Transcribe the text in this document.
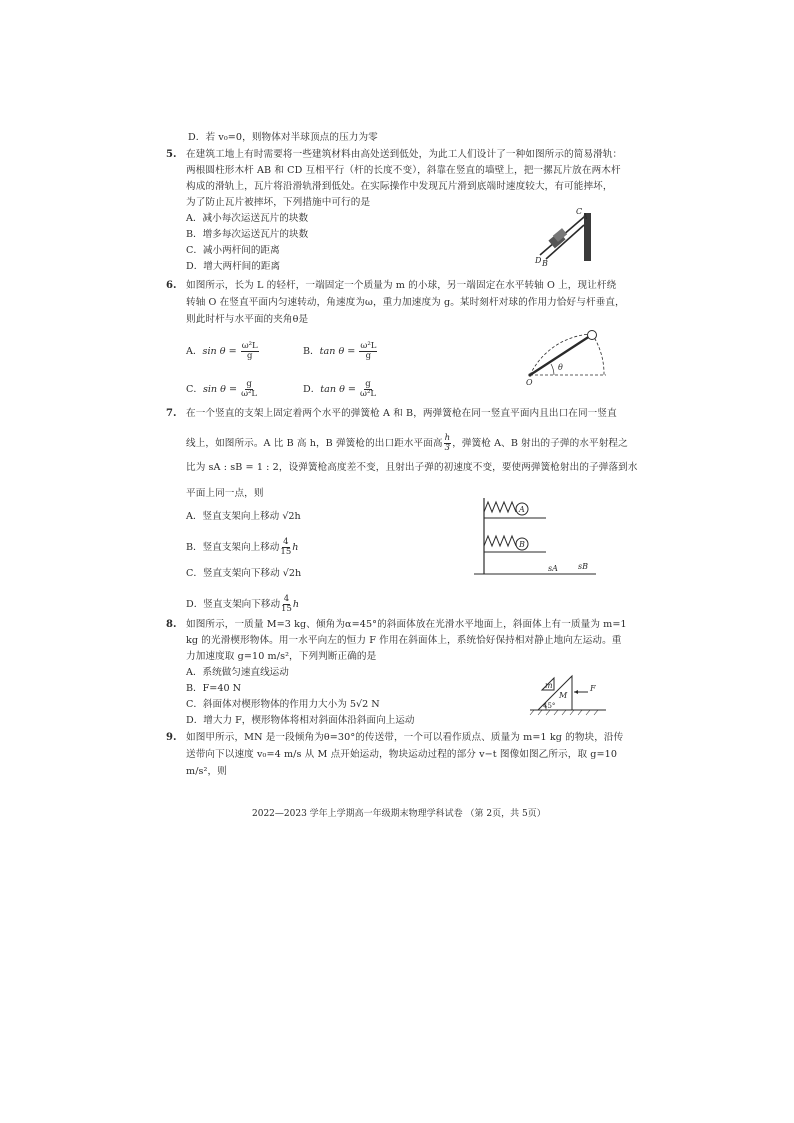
D．若 v₀=0，则物体对半球顶点的压力为零
5. 在建筑工地上有时需要将一些建筑材料由高处送到低处，为此工人们设计了一种如图所示的简易滑轨：
两根圆柱形木杆 AB 和 CD 互相平行（杆的长度不变），斜靠在竖直的墙壁上，把一摞瓦片放在两木杆
构成的滑轨上，瓦片将沿滑轨滑到低处。在实际操作中发现瓦片滑到底端时速度较大，有可能摔坏，
为了防止瓦片被摔坏，下列措施中可行的是
A．减小每次运送瓦片的块数
B．增多每次运送瓦片的块数
C．减小两杆间的距离
D．增大两杆间的距离
C
A
D B
6. 如图所示，长为 L 的轻杆，一端固定一个质量为 m 的小球，另一端固定在水平转轴 O 上，现让杆绕
转轴 O 在竖直平面内匀速转动，角速度为ω，重力加速度为 g。某时刻杆对球的作用力恰好与杆垂直，
则此时杆与水平面的夹角θ是
A．$\sin \theta = \frac{\text{ω²L}}{g}$	B．$\tan \theta = \frac{\text{ω²L}}{g}$
C．$\sin \theta = \frac{g}{\text{ω²L}}$	D．$\tan \theta = \frac{g}{\text{ω²L}}$	O
θ
7. 在一个竖直的支架上固定着两个水平的弹簧枪 A 和 B，两弹簧枪在同一竖直平面内且出口在同一竖直
线上，如图所示。A 比 B 高 h，B 弹簧枪的出口距水平面高 $\frac{h}{3}$ ，弹簧枪 A、B 射出的子弹的水平射程之
比为 sA : sB = 1 : 2，设弹簧枪高度差不变，且射出子弹的初速度不变，要使两弹簧枪射出的子弹落到水
平面上同一点，则
A．竖直支架向上移动 √2h
B．竖直支架向上移动 $\frac{4}{15}$ h
C．竖直支架向下移动 √2h
D．竖直支架向下移动 $\frac{4}{15}$ h
A
B
sA	sB
8. 如图所示，一质量 M=3 kg、倾角为α=45°的斜面体放在光滑水平地面上，斜面体上有一质量为 m=1
kg 的光滑楔形物体。用一水平向左的恒力 F 作用在斜面体上，系统恰好保持相对静止地向左运动。重
力加速度取 g=10 m/s²，下列判断正确的是
A．系统做匀速直线运动
B．F=40 N
C．斜面体对楔形物体的作用力大小为 5√2 N
D．增大力 F，楔形物体将相对斜面体沿斜面向上运动
m
M
F
45°
9. 如图甲所示，MN 是一段倾角为θ=30°的传送带，一个可以看作质点、质量为 m=1 kg 的物块，沿传
送带向下以速度 v₀=4 m/s 从 M 点开始运动，物块运动过程的部分 v−t 图像如图乙所示，取 g=10
m/s²，则
2022—2023 学年上学期高一年级期末物理学科试卷 （第 2页，共 5页）
